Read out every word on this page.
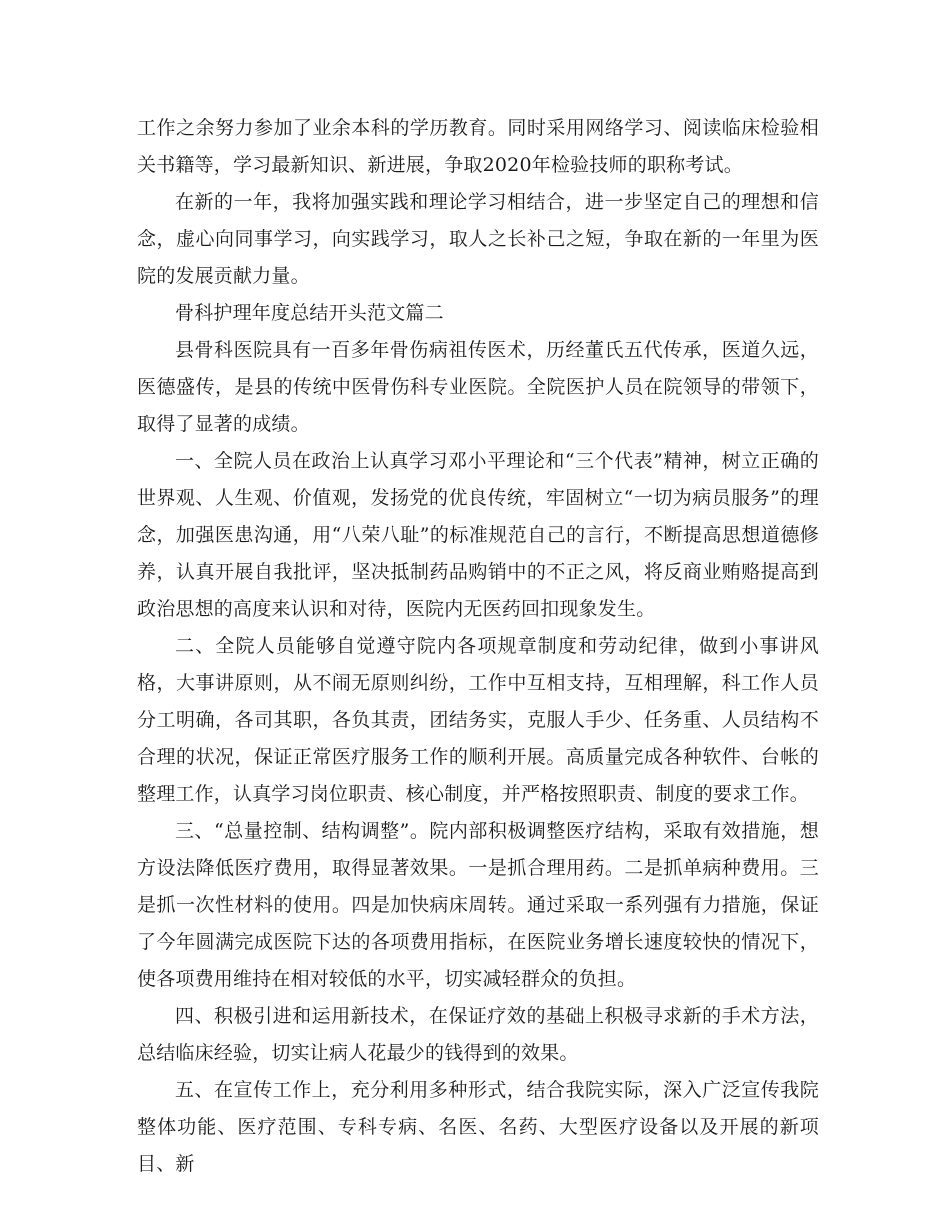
工作之余努力参加了业余本科的学历教育。同时采用网络学习、阅读临床检验相关书籍等，学习最新知识、新进展，争取2020年检验技师的职称考试。

在新的一年，我将加强实践和理论学习相结合，进一步坚定自己的理想和信念，虚心向同事学习，向实践学习，取人之长补己之短，争取在新的一年里为医院的发展贡献力量。

骨科护理年度总结开头范文篇二

县骨科医院具有一百多年骨伤病祖传医术，历经董氏五代传承，医道久远，医德盛传，是县的传统中医骨伤科专业医院。全院医护人员在院领导的带领下，取得了显著的成绩。

一、全院人员在政治上认真学习邓小平理论和“三个代表”精神，树立正确的世界观、人生观、价值观，发扬党的优良传统，牢固树立“一切为病员服务”的理念，加强医患沟通，用“八荣八耻”的标准规范自己的言行，不断提高思想道德修养，认真开展自我批评，坚决抵制药品购销中的不正之风，将反商业贿赂提高到政治思想的高度来认识和对待，医院内无医药回扣现象发生。

二、全院人员能够自觉遵守院内各项规章制度和劳动纪律，做到小事讲风格，大事讲原则，从不闹无原则纠纷，工作中互相支持，互相理解，科工作人员分工明确，各司其职，各负其责，团结务实，克服人手少、任务重、人员结构不合理的状况，保证正常医疗服务工作的顺利开展。高质量完成各种软件、台帐的整理工作，认真学习岗位职责、核心制度，并严格按照职责、制度的要求工作。

三、“总量控制、结构调整”。院内部积极调整医疗结构，采取有效措施，想方设法降低医疗费用，取得显著效果。一是抓合理用药。二是抓单病种费用。三是抓一次性材料的使用。四是加快病床周转。通过采取一系列强有力措施，保证了今年圆满完成医院下达的各项费用指标，在医院业务增长速度较快的情况下，使各项费用维持在相对较低的水平，切实减轻群众的负担。

四、积极引进和运用新技术，在保证疗效的基础上积极寻求新的手术方法，总结临床经验，切实让病人花最少的钱得到的效果。

五、在宣传工作上，充分利用多种形式，结合我院实际，深入广泛宣传我院整体功能、医疗范围、专科专病、名医、名药、大型医疗设备以及开展的新项目、新
